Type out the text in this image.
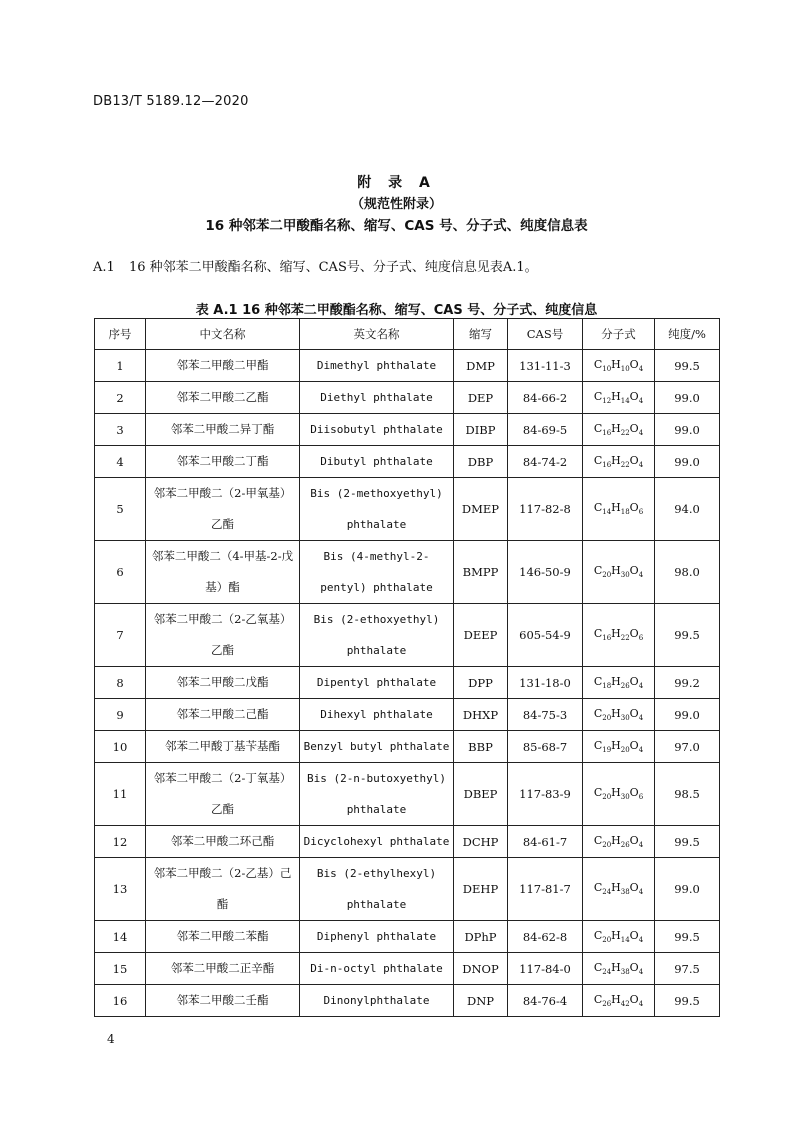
DB13/T 5189.12—2020
附 录 A
（规范性附录）
16 种邻苯二甲酸酯名称、缩写、CAS 号、分子式、纯度信息表
A.1 16 种邻苯二甲酸酯名称、缩写、CAS号、分子式、纯度信息见表A.1。
表 A.1 16 种邻苯二甲酸酯名称、缩写、CAS 号、分子式、纯度信息
序号	中文名称	英文名称	缩写	CAS号	分子式	纯度/%
1	邻苯二甲酸二甲酯	Dimethyl phthalate	DMP	131-11-3	$C_{10}H_{10}O_4$	99.5
2	邻苯二甲酸二乙酯	Diethyl phthalate	DEP	84-66-2	$C_{12}H_{14}O_4$	99.0
3	邻苯二甲酸二异丁酯	Diisobutyl phthalate	DIBP	84-69-5	$C_{16}H_{22}O_4$	99.0
4	邻苯二甲酸二丁酯	Dibutyl phthalate	DBP	84-74-2	$C_{16}H_{22}O_4$	99.0
5	邻苯二甲酸二（2-甲氧基）乙酯	Bis (2-methoxyethyl) phthalate	DMEP	117-82-8	$C_{14}H_{18}O_6$	94.0
6	邻苯二甲酸二（4-甲基-2-戊基）酯	Bis (4-methyl-2-pentyl) phthalate	BMPP	146-50-9	$C_{20}H_{30}O_4$	98.0
7	邻苯二甲酸二（2-乙氧基）乙酯	Bis (2-ethoxyethyl) phthalate	DEEP	605-54-9	$C_{16}H_{22}O_6$	99.5
8	邻苯二甲酸二戊酯	Dipentyl phthalate	DPP	131-18-0	$C_{18}H_{26}O_4$	99.2
9	邻苯二甲酸二己酯	Dihexyl phthalate	DHXP	84-75-3	$C_{20}H_{30}O_4$	99.0
10	邻苯二甲酸丁基苄基酯	Benzyl butyl phthalate	BBP	85-68-7	$C_{19}H_{20}O_4$	97.0
11	邻苯二甲酸二（2-丁氧基）乙酯	Bis (2-n-butoxyethyl) phthalate	DBEP	117-83-9	$C_{20}H_{30}O_6$	98.5
12	邻苯二甲酸二环己酯	Dicyclohexyl phthalate	DCHP	84-61-7	$C_{20}H_{26}O_4$	99.5
13	邻苯二甲酸二（2-乙基）己酯	Bis (2-ethylhexyl) phthalate	DEHP	117-81-7	$C_{24}H_{38}O_4$	99.0
14	邻苯二甲酸二苯酯	Diphenyl phthalate	DPhP	84-62-8	$C_{20}H_{14}O_4$	99.5
15	邻苯二甲酸二正辛酯	Di-n-octyl phthalate	DNOP	117-84-0	$C_{24}H_{38}O_4$	97.5
16	邻苯二甲酸二壬酯	Dinonylphthalate	DNP	84-76-4	$C_{26}H_{42}O_4$	99.5
4
